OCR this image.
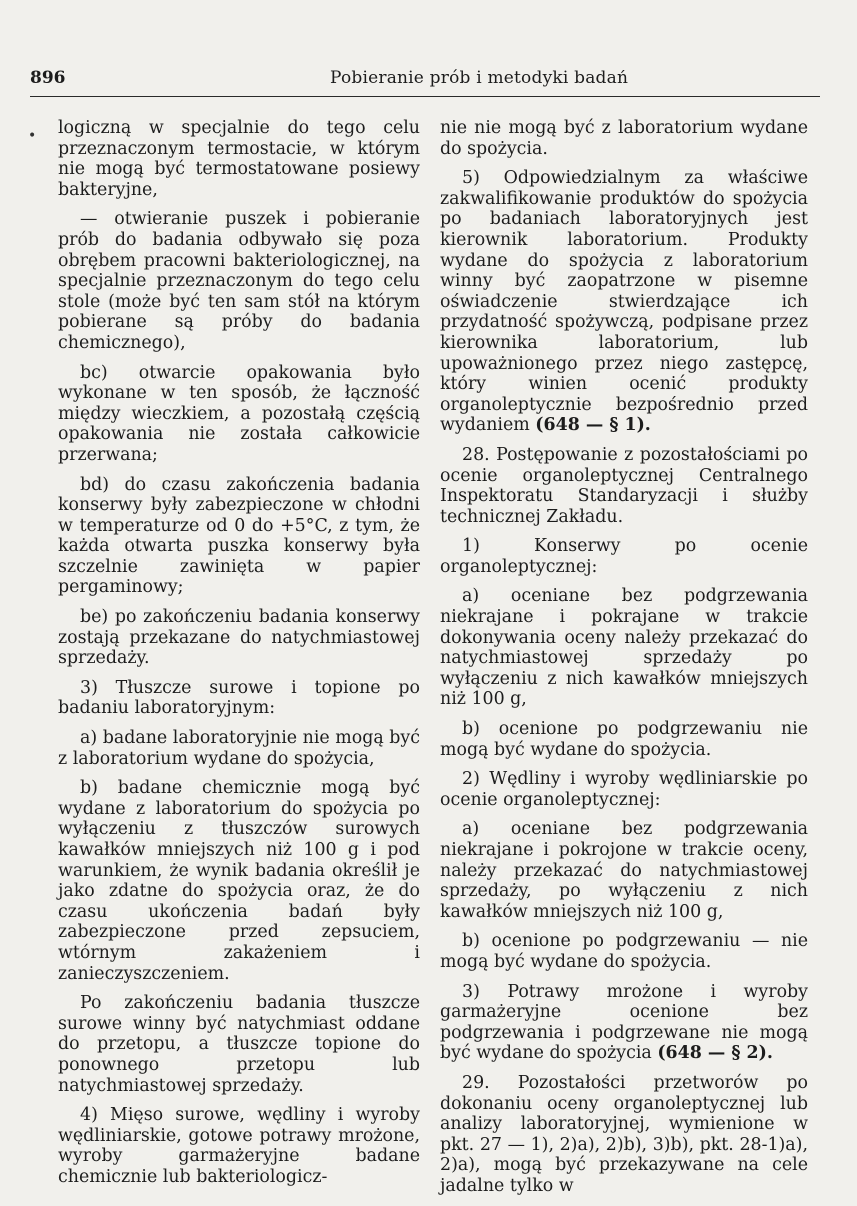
896	Pobieranie prób i metodyki badań

logiczną w specjalnie do tego celu przeznaczonym termostacie, w którym nie mogą być termostatowane posiewy bakteryjne,

— otwieranie puszek i pobieranie prób do badania odbywało się poza obrębem pracowni bakteriologicznej, na specjalnie przeznaczonym do tego celu stole (może być ten sam stół na którym pobierane są próby do badania chemicznego),

bc) otwarcie opakowania było wykonane w ten sposób, że łączność między wieczkiem, a pozostałą częścią opakowania nie została całkowicie przerwana;

bd) do czasu zakończenia badania konserwy były zabezpieczone w chłodni w temperaturze od 0 do +5°C, z tym, że każda otwarta puszka konserwy była szczelnie zawinięta w papier pergaminowy;

be) po zakończeniu badania konserwy zostają przekazane do natychmiastowej sprzedaży.

3) Tłuszcze surowe i topione po badaniu laboratoryjnym:

a) badane laboratoryjnie nie mogą być z laboratorium wydane do spożycia,

b) badane chemicznie mogą być wydane z laboratorium do spożycia po wyłączeniu z tłuszczów surowych kawałków mniejszych niż 100 g i pod warunkiem, że wynik badania określił je jako zdatne do spożycia oraz, że do czasu ukończenia badań były zabezpieczone przed zepsuciem, wtórnym zakażeniem i zanieczyszczeniem.

Po zakończeniu badania tłuszcze surowe winny być natychmiast oddane do przetopu, a tłuszcze topione do ponownego przetopu lub natychmiastowej sprzedaży.

4) Mięso surowe, wędliny i wyroby wędliniarskie, gotowe potrawy mrożone, wyroby garmażeryjne badane chemicznie lub bakteriologicz-

nie nie mogą być z laboratorium wydane do spożycia.

5) Odpowiedzialnym za właściwe zakwalifikowanie produktów do spożycia po badaniach laboratoryjnych jest kierownik laboratorium. Produkty wydane do spożycia z laboratorium winny być zaopatrzone w pisemne oświadczenie stwierdzające ich przydatność spożywczą, podpisane przez kierownika laboratorium, lub upoważnionego przez niego zastępcę, który winien ocenić produkty organoleptycznie bezpośrednio przed wydaniem (648 — § 1).

28. Postępowanie z pozostałościami po ocenie organoleptycznej Centralnego Inspektoratu Standaryzacji i służby technicznej Zakładu.

1) Konserwy po ocenie organoleptycznej:

a) oceniane bez podgrzewania niekrajane i pokrajane w trakcie dokonywania oceny należy przekazać do natychmiastowej sprzedaży po wyłączeniu z nich kawałków mniejszych niż 100 g,

b) ocenione po podgrzewaniu nie mogą być wydane do spożycia.

2) Wędliny i wyroby wędliniarskie po ocenie organoleptycznej:

a) oceniane bez podgrzewania niekrajane i pokrojone w trakcie oceny, należy przekazać do natychmiastowej sprzedaży, po wyłączeniu z nich kawałków mniejszych niż 100 g,

b) ocenione po podgrzewaniu — nie mogą być wydane do spożycia.

3) Potrawy mrożone i wyroby garmażeryjne ocenione bez podgrzewania i podgrzewane nie mogą być wydane do spożycia (648 — § 2).

29. Pozostałości przetworów po dokonaniu oceny organoleptycznej lub analizy laboratoryjnej, wymienione w pkt. 27 — 1), 2)a), 2)b), 3)b), pkt. 28-1)a), 2)a), mogą być przekazywane na cele jadalne tylko w

•
